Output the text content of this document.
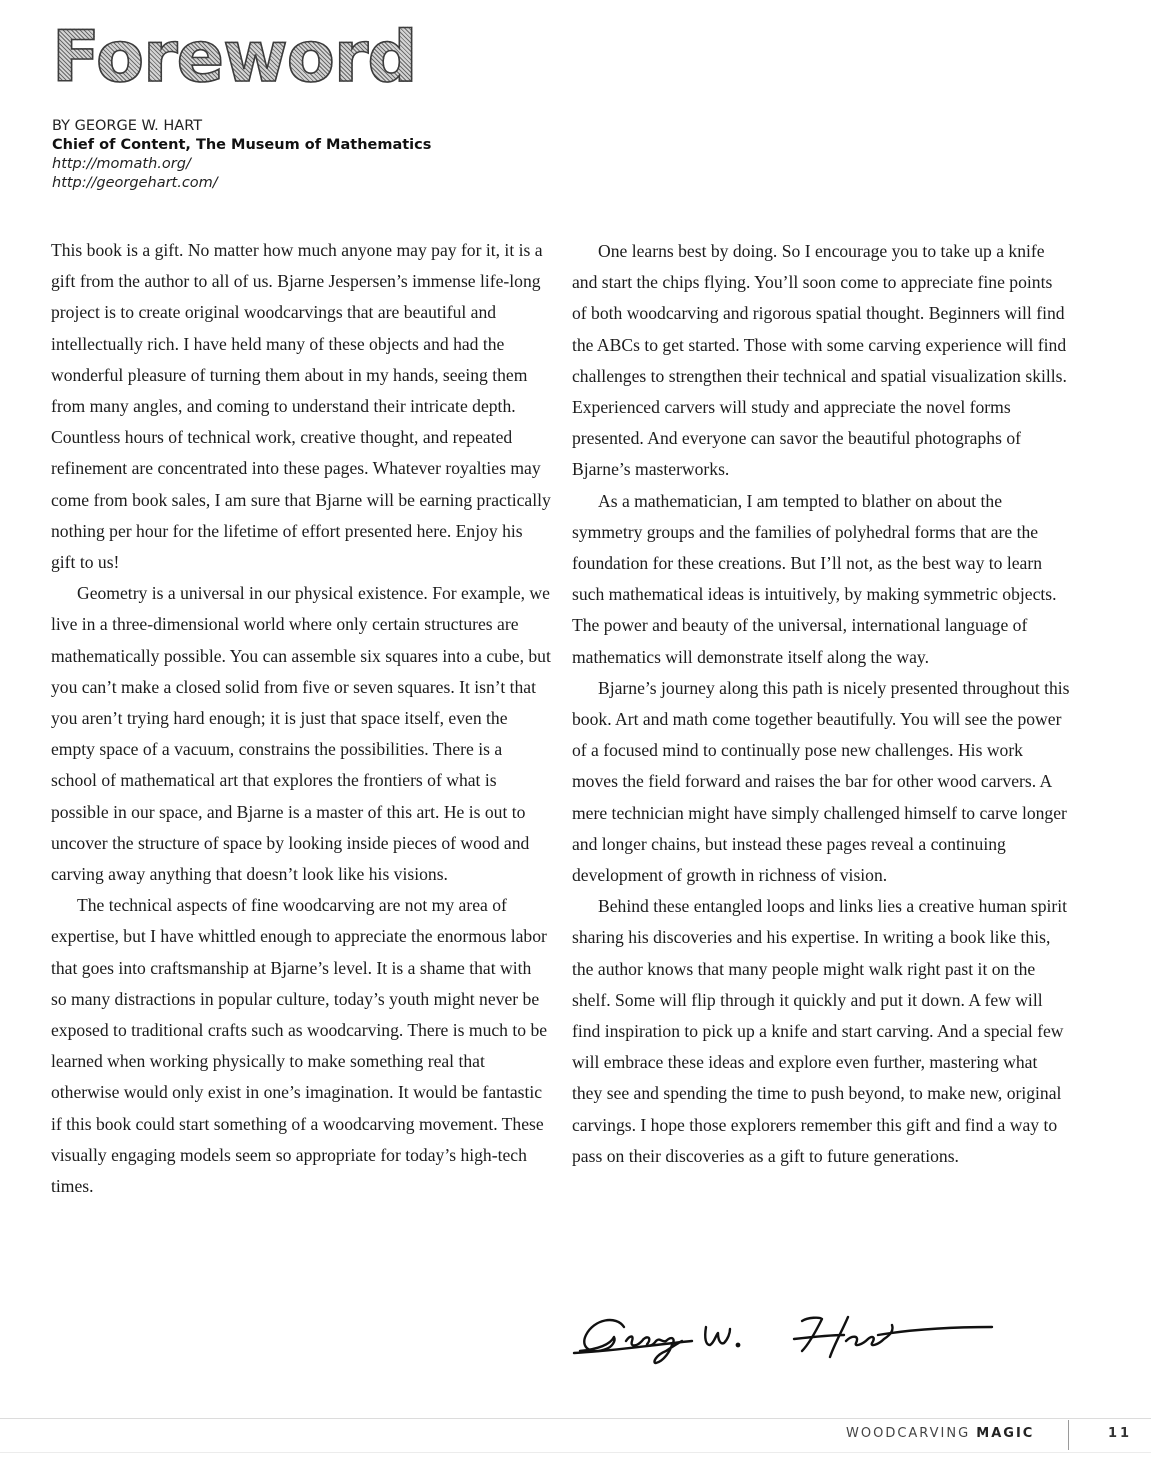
Foreword
BY GEORGE W. HART
Chief of Content, The Museum of Mathematics
http://momath.org/
http://georgehart.com/

This book is a gift. No matter how much anyone may pay for it, it is a gift from the author to all of us. Bjarne Jespersen’s immense life-long project is to create original woodcarvings that are beautiful and intellectually rich. I have held many of these objects and had the wonderful pleasure of turning them about in my hands, seeing them from many angles, and coming to understand their intricate depth. Countless hours of technical work, creative thought, and repeated refinement are concentrated into these pages. Whatever royalties may come from book sales, I am sure that Bjarne will be earning practically nothing per hour for the lifetime of effort presented here. Enjoy his gift to us!

Geometry is a universal in our physical existence. For example, we live in a three-dimensional world where only certain structures are mathematically possible. You can assemble six squares into a cube, but you can’t make a closed solid from five or seven squares. It isn’t that you aren’t trying hard enough; it is just that space itself, even the empty space of a vacuum, constrains the possibilities. There is a school of mathematical art that explores the frontiers of what is possible in our space, and Bjarne is a master of this art. He is out to uncover the structure of space by looking inside pieces of wood and carving away anything that doesn’t look like his visions.

The technical aspects of fine woodcarving are not my area of expertise, but I have whittled enough to appreciate the enormous labor that goes into craftsmanship at Bjarne’s level. It is a shame that with so many distractions in popular culture, today’s youth might never be exposed to traditional crafts such as woodcarving. There is much to be learned when working physically to make something real that otherwise would only exist in one’s imagination. It would be fantastic if this book could start something of a woodcarving movement. These visually engaging models seem so appropriate for today’s high-tech times.

One learns best by doing. So I encourage you to take up a knife and start the chips flying. You’ll soon come to appreciate fine points of both woodcarving and rigorous spatial thought. Beginners will find the ABCs to get started. Those with some carving experience will find challenges to strengthen their technical and spatial visualization skills. Experienced carvers will study and appreciate the novel forms presented. And everyone can savor the beautiful photographs of Bjarne’s masterworks.

As a mathematician, I am tempted to blather on about the symmetry groups and the families of polyhedral forms that are the foundation for these creations. But I’ll not, as the best way to learn such mathematical ideas is intuitively, by making symmetric objects. The power and beauty of the universal, international language of mathematics will demonstrate itself along the way.

Bjarne’s journey along this path is nicely presented throughout this book. Art and math come together beautifully. You will see the power of a focused mind to continually pose new challenges. His work moves the field forward and raises the bar for other wood carvers. A mere technician might have simply challenged himself to carve longer and longer chains, but instead these pages reveal a continuing development of growth in richness of vision.

Behind these entangled loops and links lies a creative human spirit sharing his discoveries and his expertise. In writing a book like this, the author knows that many people might walk right past it on the shelf. Some will flip through it quickly and put it down. A few will find inspiration to pick up a knife and start carving. And a special few will embrace these ideas and explore even further, mastering what they see and spending the time to push beyond, to make new, original carvings. I hope those explorers remember this gift and find a way to pass on their discoveries as a gift to future generations.

WOODCARVING MAGIC	11
